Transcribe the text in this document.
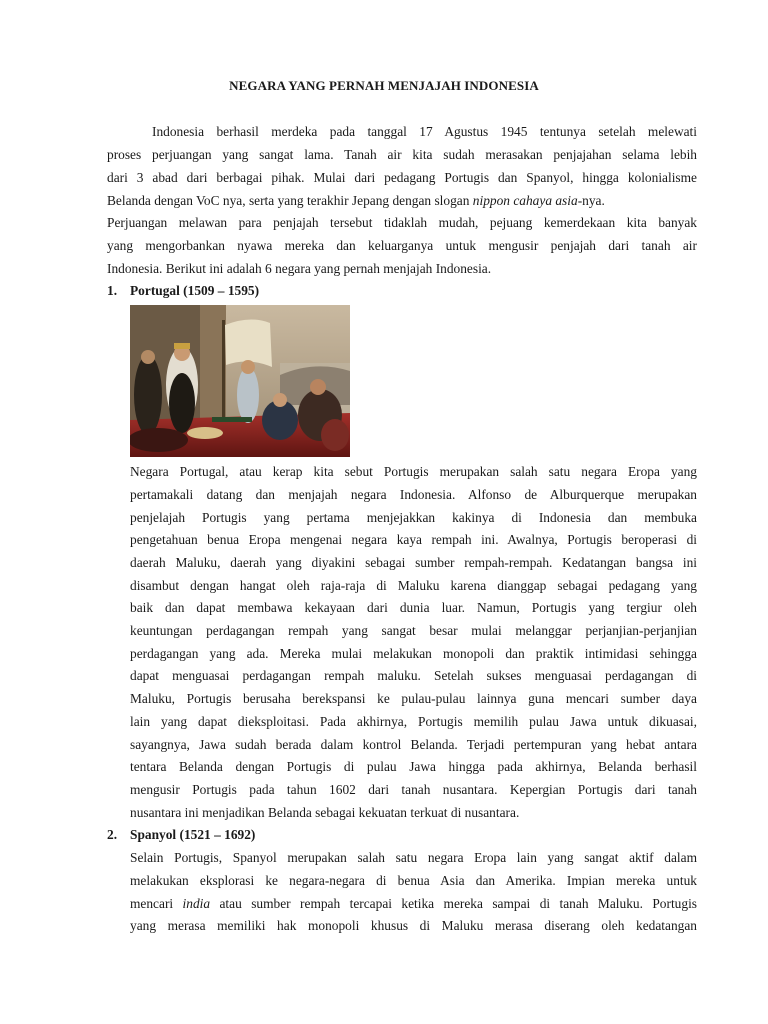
NEGARA YANG PERNAH MENJAJAH INDONESIA
Indonesia berhasil merdeka pada tanggal 17 Agustus 1945 tentunya setelah melewati
proses perjuangan yang sangat lama. Tanah air kita sudah merasakan penjajahan selama lebih
dari 3 abad dari berbagai pihak. Mulai dari pedagang Portugis dan Spanyol, hingga kolonialisme
Belanda dengan VoC nya, serta yang terakhir Jepang dengan slogan nippon cahaya asia-nya.
Perjuangan melawan para penjajah tersebut tidaklah mudah, pejuang kemerdekaan kita banyak
yang mengorbankan nyawa mereka dan keluarganya untuk mengusir penjajah dari tanah air
Indonesia. Berikut ini adalah 6 negara yang pernah menjajah Indonesia.
1. Portugal (1509 – 1595)
Negara Portugal, atau kerap kita sebut Portugis merupakan salah satu negara Eropa yang
pertamakali datang dan menjajah negara Indonesia. Alfonso de Alburquerque merupakan
penjelajah Portugis yang pertama menjejakkan kakinya di Indonesia dan membuka
pengetahuan benua Eropa mengenai negara kaya rempah ini. Awalnya, Portugis beroperasi di
daerah Maluku, daerah yang diyakini sebagai sumber rempah-rempah. Kedatangan bangsa ini
disambut dengan hangat oleh raja-raja di Maluku karena dianggap sebagai pedagang yang
baik dan dapat membawa kekayaan dari dunia luar. Namun, Portugis yang tergiur oleh
keuntungan perdagangan rempah yang sangat besar mulai melanggar perjanjian-perjanjian
perdagangan yang ada. Mereka mulai melakukan monopoli dan praktik intimidasi sehingga
dapat menguasai perdagangan rempah maluku. Setelah sukses menguasai perdagangan di
Maluku, Portugis berusaha berekspansi ke pulau-pulau lainnya guna mencari sumber daya
lain yang dapat dieksploitasi. Pada akhirnya, Portugis memilih pulau Jawa untuk dikuasai,
sayangnya, Jawa sudah berada dalam kontrol Belanda. Terjadi pertempuran yang hebat antara
tentara Belanda dengan Portugis di pulau Jawa hingga pada akhirnya, Belanda berhasil
mengusir Portugis pada tahun 1602 dari tanah nusantara. Kepergian Portugis dari tanah
nusantara ini menjadikan Belanda sebagai kekuatan terkuat di nusantara.
2. Spanyol (1521 – 1692)
Selain Portugis, Spanyol merupakan salah satu negara Eropa lain yang sangat aktif dalam
melakukan eksplorasi ke negara-negara di benua Asia dan Amerika. Impian mereka untuk
mencari india atau sumber rempah tercapai ketika mereka sampai di tanah Maluku. Portugis
yang merasa memiliki hak monopoli khusus di Maluku merasa diserang oleh kedatangan
